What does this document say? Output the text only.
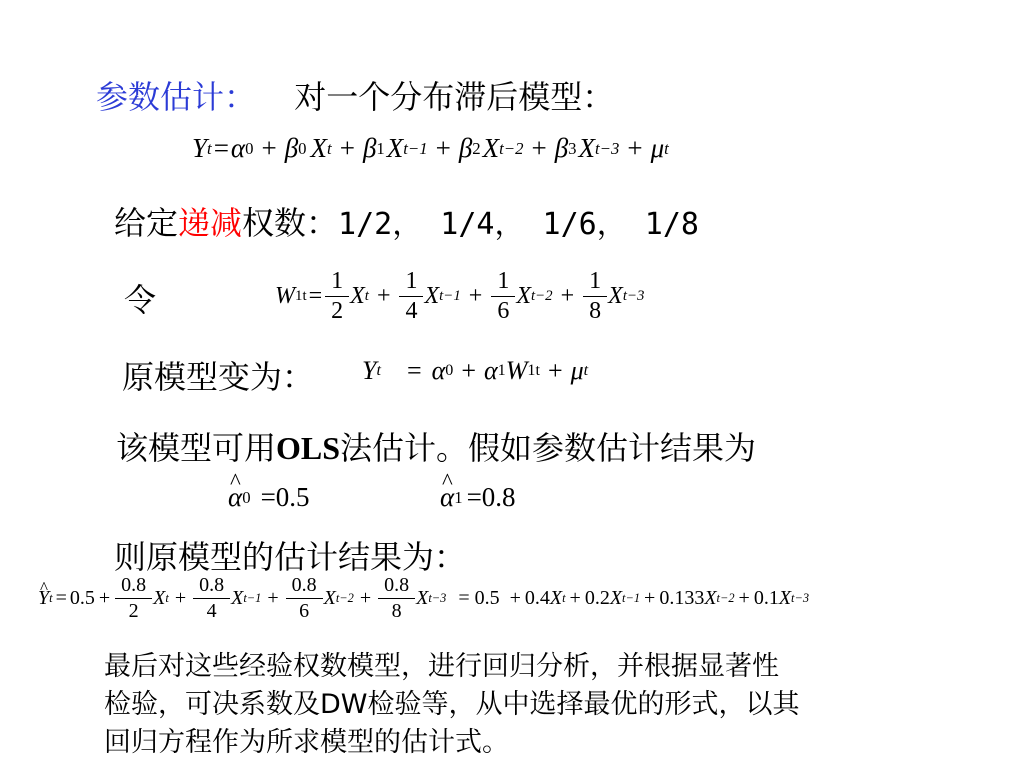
参数估计： 对一个分布滞后模型：
Y t = α 0 + β 0 X t + β 1 X t−1 + β 2 X t−2 + β 3 X t−3 + μ t
给定递减权数：1/2， 1/4， 1/6， 1/8
令	W $1t = \frac{1}{2}$ X $t + \frac{1}{4}$ X $t-1 + \frac{1}{6}$ X $t-2 + \frac{1}{8}$ X t−3
原模型变为： Y t = α 0 + α 1 W 1t + μ t
该模型可用OLS法估计。假如参数估计结果为
^ α 0 =0.5
^	α 1 =0.8
则原模型的估计结果为：
^ Y $t = 0.5 + \frac{0.8}{2}$ X $t + \frac{0.8}{4}$ X $t-1 + \frac{0.8}{6}$ X $t-2 + \frac{0.8}{8}$ X t−3 = 0.5 + 0.4 X t + 0.2 X t−1 + 0.133 X t−2 + 0.1 X t−3
最后对这些经验权数模型，进行回归分析，并根据显著性
检验，可决系数及DW检验等，从中选择最优的形式，以其
回归方程作为所求模型的估计式。
